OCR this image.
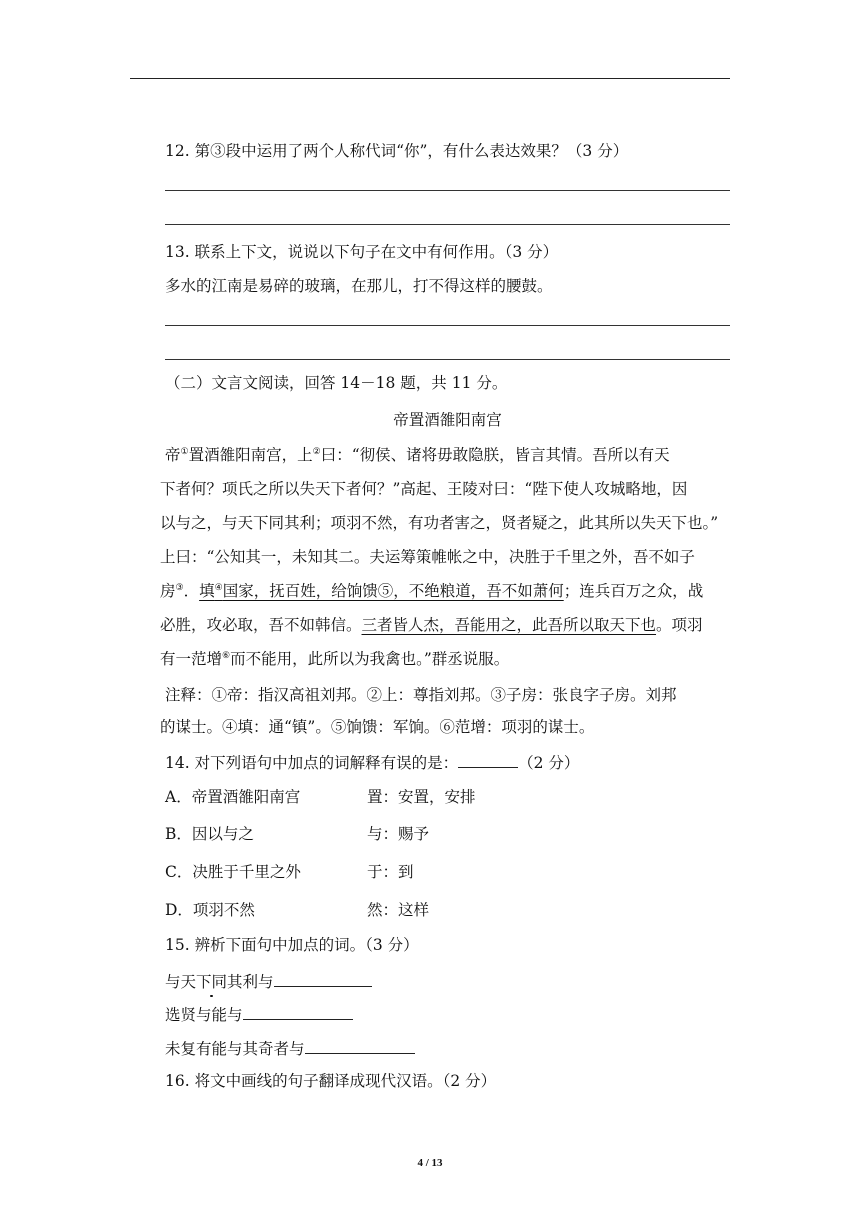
12. 第③段中运用了两个人称代词“你”，有什么表达效果？（3 分）
13. 联系上下文，说说以下句子在文中有何作用。（3 分）
多水的江南是易碎的玻璃，在那儿，打不得这样的腰鼓。
（二）文言文阅读，回答 14－18 题，共 11 分。
帝置酒雒阳南宫
帝①置酒雒阳南宫，上②曰：“彻侯、诸将毋敢隐朕，皆言其情。吾所以有天
下者何？项氏之所以失天下者何？”高起、王陵对曰：“陛下使人攻城略地，因
以与之，与天下同其利；项羽不然，有功者害之，贤者疑之，此其所以失天下也。”
上曰：“公知其一，未知其二。夫运筹策帷帐之中，决胜于千里之外，吾不如子
房③．填④国家，抚百姓，给饷馈⑤，不绝粮道，吾不如萧何；连兵百万之众，战
必胜，攻必取，吾不如韩信。三者皆人杰，吾能用之，此吾所以取天下也。项羽
有一范增⑥而不能用，此所以为我禽也。”群丞说服。
注释：①帝：指汉高祖刘邦。②上：尊指刘邦。③子房：张良字子房。刘邦
的谋士。④填：通“镇”。⑤饷馈：军饷。⑥范增：项羽的谋士。
14. 对下列语句中加点的词解释有误的是：	（2 分）
A．帝置酒雒阳南宫	置：安置，安排
B．因以与之	与：赐予
C．决胜于千里之外	于：到
D．项羽不然	然：这样
15. 辨析下面句中加点的词。（3 分）
与天下同其利与
选贤与能与
未复有能与其奇者与
16. 将文中画线的句子翻译成现代汉语。（2 分）
4 / 13
